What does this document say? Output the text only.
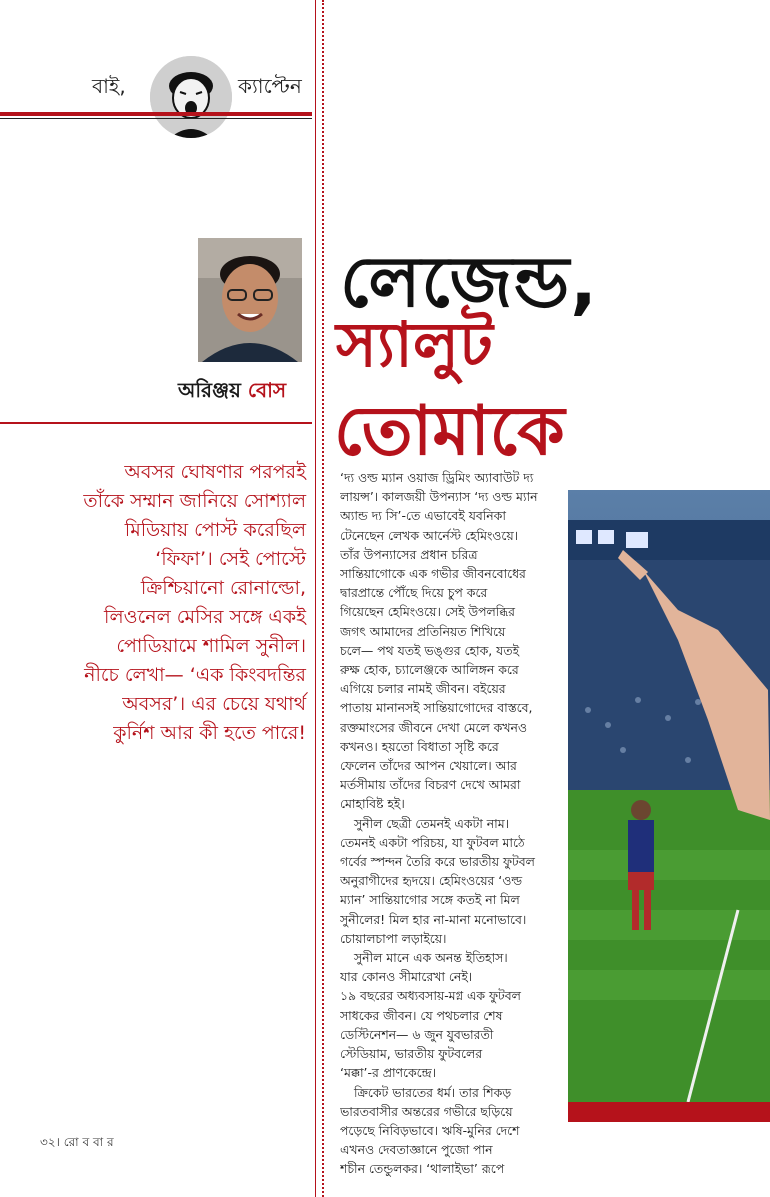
বাই,	ক্যাপ্টেন
অরিঞ্জয় বোস
অবসর ঘোষণার পরপরই
তাঁকে সম্মান জানিয়ে সোশ্যাল
মিডিয়ায় পোস্ট করেছিল
‘ফিফা’। সেই পোস্টে
ক্রিশ্চিয়ানো রোনাল্ডো,
লিওনেল মেসির সঙ্গে একই
পোডিয়ামে শামিল সুনীল।
নীচে লেখা— ‘এক কিংবদন্তির
অবসর’। এর চেয়ে যথার্থ
কুর্নিশ আর কী হতে পারে!
৩২। রো ব বা র
লেজেন্ড,
স্যালুট
তোমাকে
‘দ্য ওল্ড ম্যান ওয়াজ ড্রিমিং অ্যাবাউট দ্য
লায়ন্স’। কালজয়ী উপন্যাস ‘দ্য ওল্ড ম্যান
অ্যান্ড দ্য সি’-তে এভাবেই যবনিকা
টেনেছেন লেখক আর্নেস্ট হেমিংওয়ে।
তাঁর উপন্যাসের প্রধান চরিত্র
সান্তিয়াগোকে এক গভীর জীবনবোধের
দ্বারপ্রান্তে পৌঁছে দিয়ে চুপ করে
গিয়েছেন হেমিংওয়ে। সেই উপলব্ধির
জগৎ আমাদের প্রতিনিয়ত শিখিয়ে
চলে— পথ যতই ভঙ্গুর হোক, যতই
রুক্ষ হোক, চ্যালেঞ্জকে আলিঙ্গন করে
এগিয়ে চলার নামই জীবন। বইয়ের
পাতায় মানানসই সান্তিয়াগোদের বাস্তবে,
রক্তমাংসের জীবনে দেখা মেলে কখনও
কখনও। হয়তো বিধাতা সৃষ্টি করে
ফেলেন তাঁদের আপন খেয়ালে। আর
মর্তসীমায় তাঁদের বিচরণ দেখে আমরা
মোহাবিষ্ট হই।
সুনীল ছেত্রী তেমনই একটা নাম।
তেমনই একটা পরিচয়, যা ফুটবল মাঠে
গর্বের স্পন্দন তৈরি করে ভারতীয় ফুটবল
অনুরাগীদের হৃদয়ে। হেমিংওয়ের ‘ওল্ড
ম্যান’ সান্তিয়াগোর সঙ্গে কতই না মিল
সুনীলের! মিল হার না-মানা মনোভাবে।
চোয়ালচাপা লড়াইয়ে।
সুনীল মানে এক অনন্ত ইতিহাস।
যার কোনও সীমারেখা নেই।
১৯ বছরের অধ্যবসায়-মগ্ন এক ফুটবল
সাধকের জীবন। যে পথচলার শেষ
ডেস্টিনেশন— ৬ জুন যুবভারতী
স্টেডিয়াম, ভারতীয় ফুটবলের
‘মক্কা’-র প্রাণকেন্দ্রে।
ক্রিকেট ভারতের ধর্ম। তার শিকড়
ভারতবাসীর অন্তরের গভীরে ছড়িয়ে
পড়েছে নিবিড়ভাবে। ঋষি-মুনির দেশে
এখনও দেবতাজ্ঞানে পুজো পান
শচীন তেন্ডুলকর। ‘থালাইভা’ রূপে
